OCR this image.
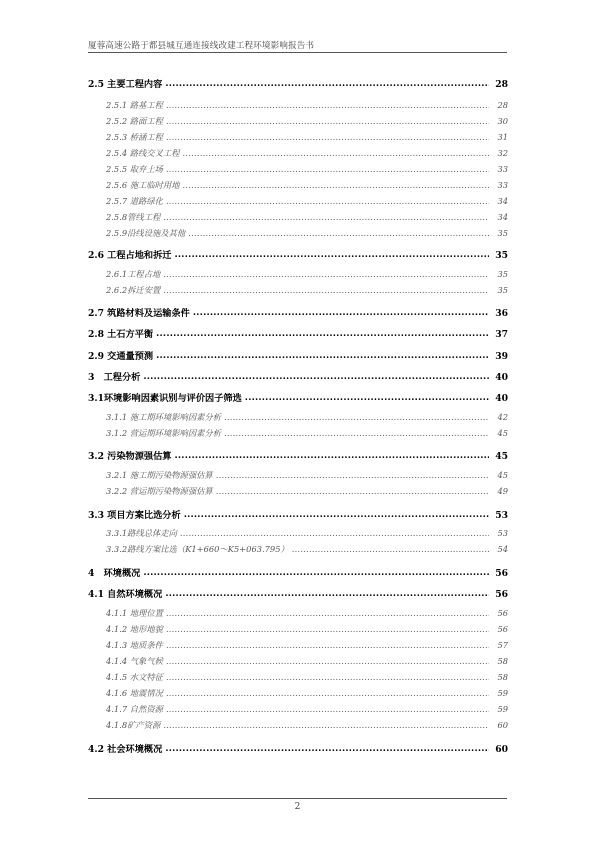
厦蓉高速公路于都县城互通连接线改建工程环境影响报告书
2.5 主要工程内容 . . .	28
2.5.1 路基工程 . . .	28
2.5.2 路面工程 . . .	30
2.5.3 桥涵工程 . . .	31
2.5.4 路线交叉工程 . . .	32
2.5.5 取弃土场 . . .	33
2.5.6 施工临时用地 . . .	33
2.5.7 道路绿化 . . .	34
2.5.8管线工程 . . .	34
2.5.9沿线设施及其他 . . .	35
2.6 工程占地和拆迁 . . .	35
2.6.1工程占地 . . .	35
2.6.2拆迁安置 . . .	35
2.7 筑路材料及运输条件 . . .	36
2.8 土石方平衡 . . .	37
2.9 交通量预测 . . .	39
3　工程分析 . . .	40
3.1环境影响因素识别与评价因子筛选 . . .	40
3.1.1 施工期环境影响因素分析 . . .	42
3.1.2 营运期环境影响因素分析 . . .	45
3.2 污染物源强估算 . . .	45
3.2.1 施工期污染物源强估算 . . .	45
3.2.2 营运期污染物源强估算 . . .	49
3.3 项目方案比选分析 . . .	53
3.3.1路线总体走向 . . .	53
3.3.2路线方案比选（K1+660～K5+063.795） . . .	54
4　环境概况 . . .	56
4.1 自然环境概况 . . .	56
4.1.1 地理位置 . . .	56
4.1.2 地形地貌 . . .	56
4.1.3 地质条件 . . .	57
4.1.4 气象气候 . . .	58
4.1.5 水文特征 . . .	58
4.1.6 地震情况 . . .	59
4.1.7 自然资源 . . .	59
4.1.8矿产资源 . . .	60
4.2 社会环境概况 . . .	60
2
